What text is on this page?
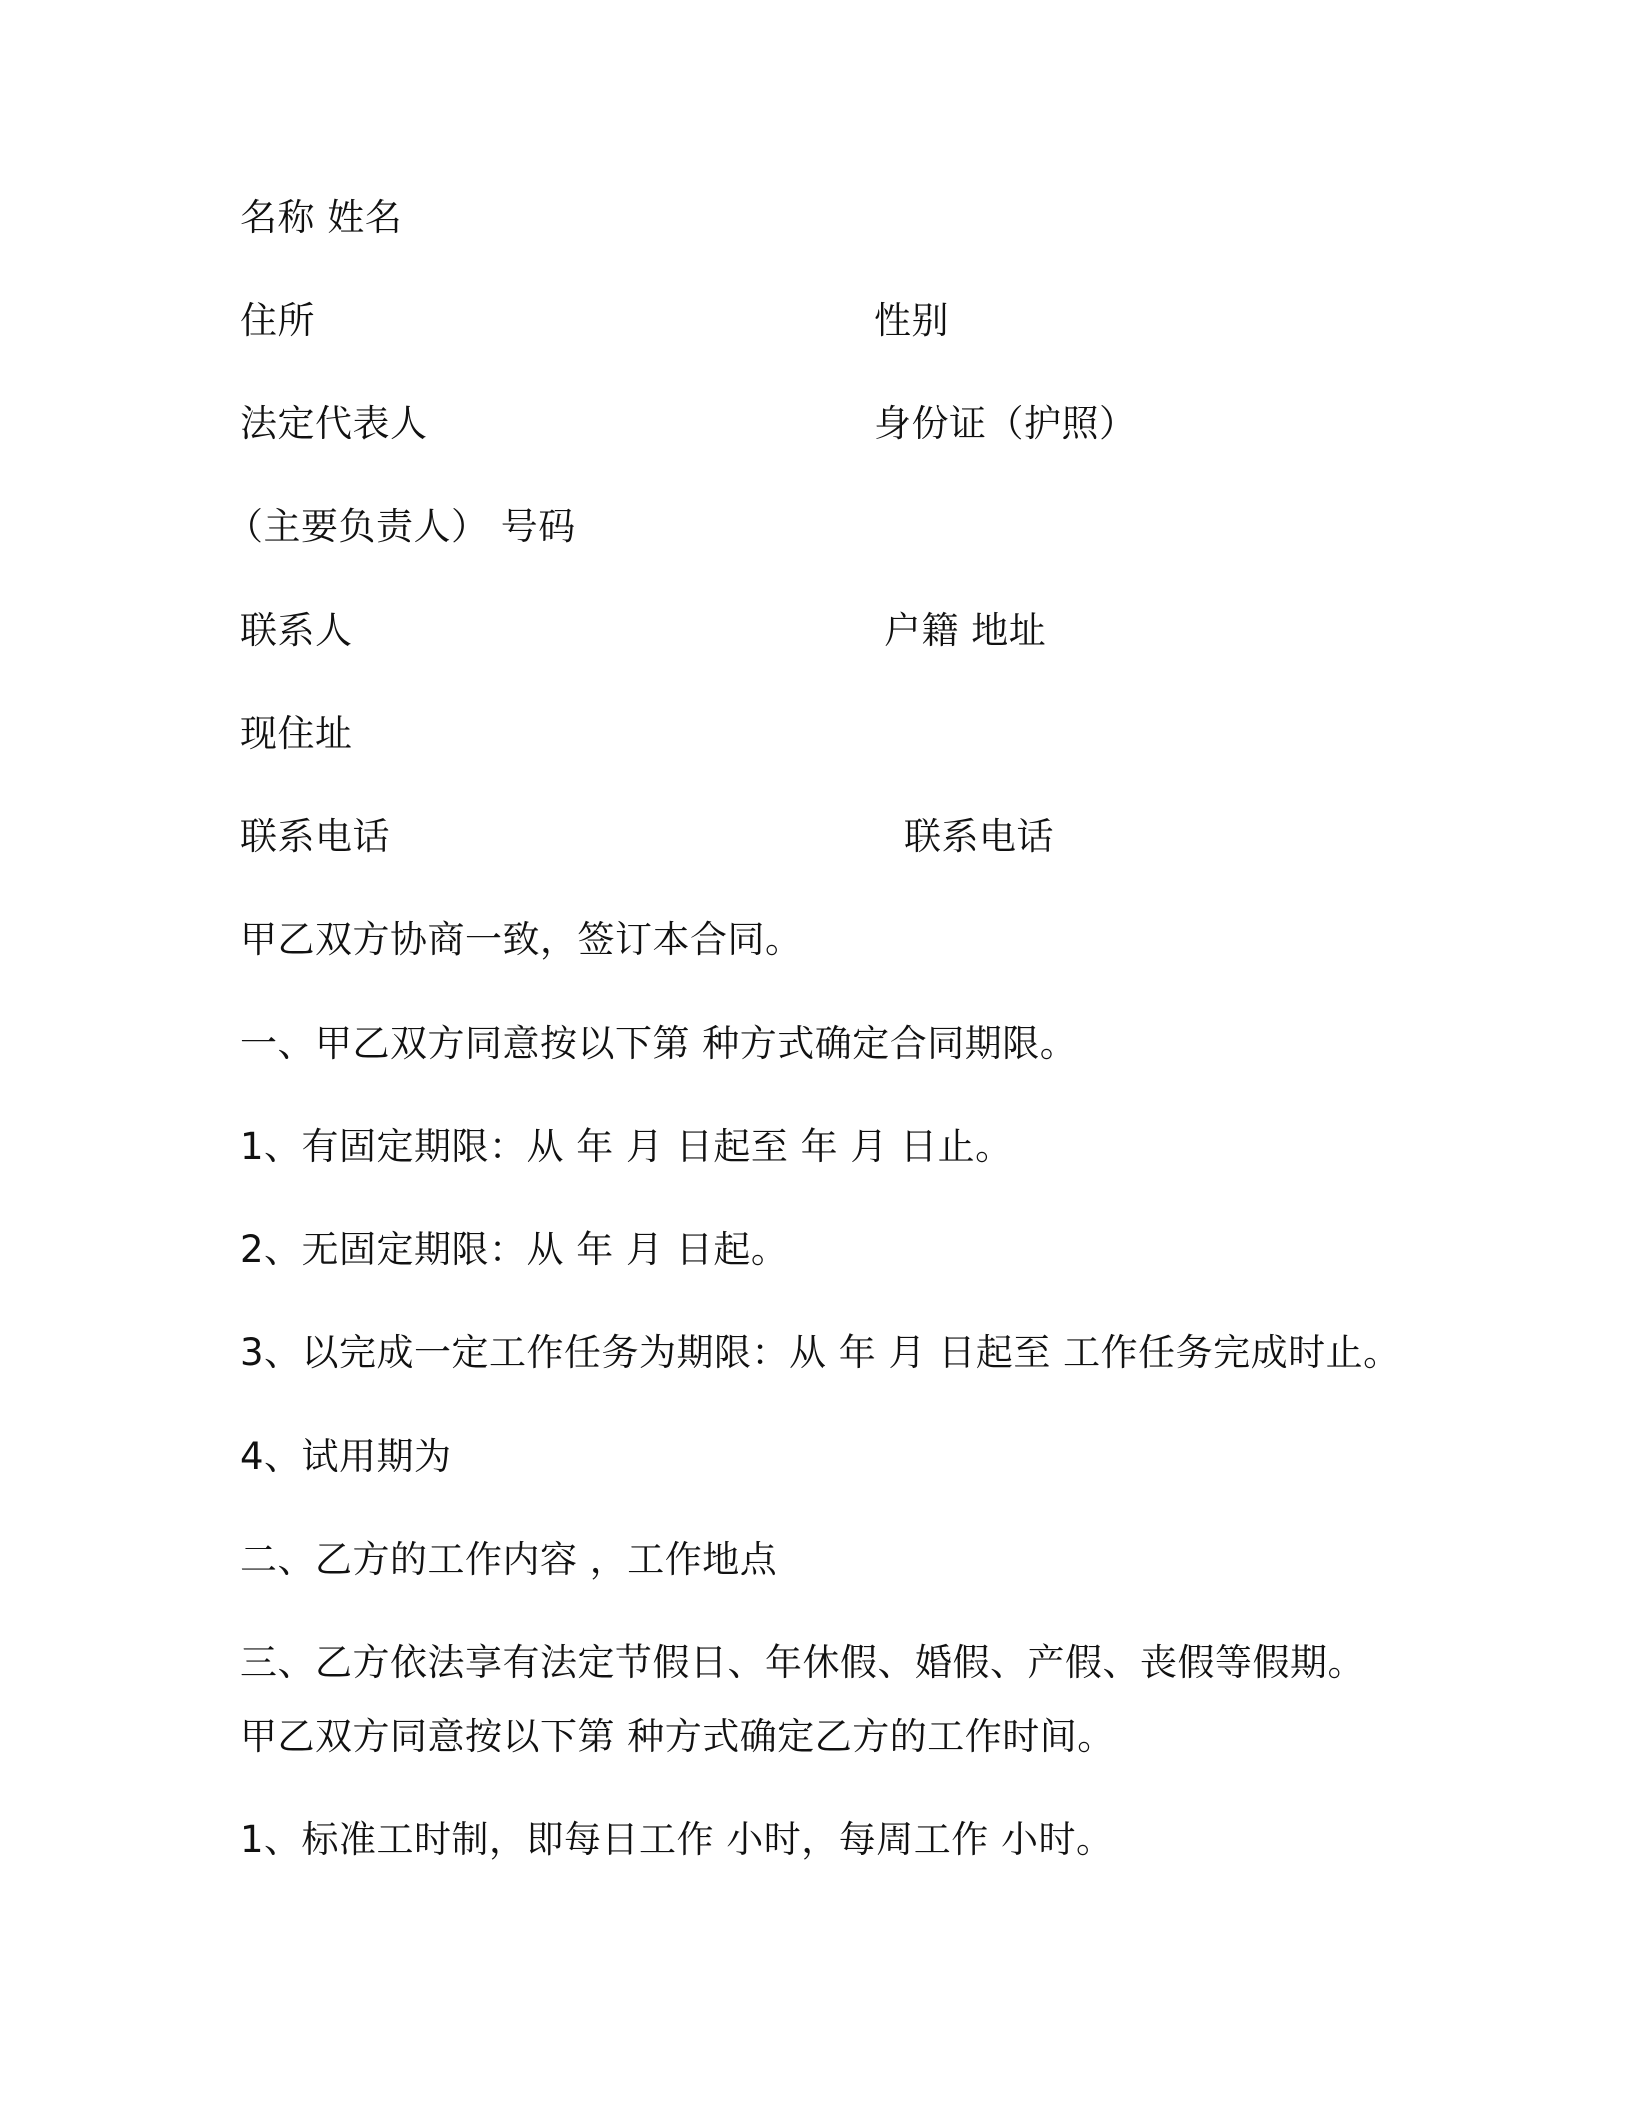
名称 姓名
住所	性别
法定代表人	身份证（护照）
（主要负责人） 号码
联系人	户籍 地址
现住址
联系电话	联系电话
甲乙双方协商一致，签订本合同。
一、甲乙双方同意按以下第 种方式确定合同期限。
1、有固定期限：从 年 月 日起至 年 月 日止。
2、无固定期限：从 年 月 日起。
3、以完成一定工作任务为期限：从 年 月 日起至 工作任务完成时止。
4、试用期为
二、乙方的工作内容 ，工作地点
三、乙方依法享有法定节假日、年休假、婚假、产假、丧假等假期。
甲乙双方同意按以下第 种方式确定乙方的工作时间。
1、标准工时制，即每日工作 小时，每周工作 小时。
